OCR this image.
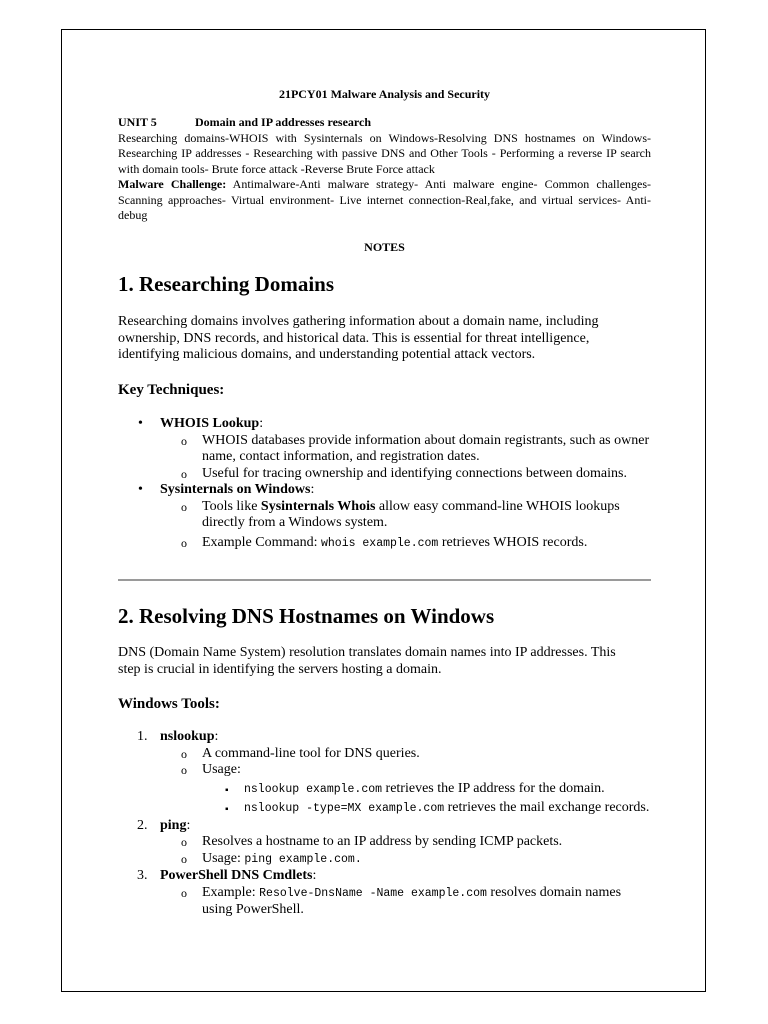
21PCY01 Malware Analysis and Security
UNIT 5	Domain and IP addresses research
Researching domains-WHOIS with Sysinternals on Windows-Resolving DNS hostnames on Windows-Researching IP addresses - Researching with passive DNS and Other Tools - Performing a reverse IP search with domain tools- Brute force attack -Reverse Brute Force attack
Malware Challenge: Antimalware-Anti malware strategy- Anti malware engine- Common challenges- Scanning approaches- Virtual environment- Live internet connection-Real,fake, and virtual services- Anti-debug
NOTES
1. Researching Domains

Researching domains involves gathering information about a domain name, including ownership, DNS records, and historical data. This is essential for threat intelligence, identifying malicious domains, and understanding potential attack vectors.

Key Techniques:
• WHOIS Lookup:
o WHOIS databases provide information about domain registrants, such as owner name, contact information, and registration dates.
o Useful for tracing ownership and identifying connections between domains.
• Sysinternals on Windows:
o Tools like Sysinternals Whois allow easy command-line WHOIS lookups directly from a Windows system.
o Example Command: whois example.com retrieves WHOIS records.
2. Resolving DNS Hostnames on Windows

DNS (Domain Name System) resolution translates domain names into IP addresses. This step is crucial in identifying the servers hosting a domain.

Windows Tools:
1. nslookup:
o A command-line tool for DNS queries.
o Usage:
▪ nslookup example.com retrieves the IP address for the domain.
▪ nslookup -type=MX example.com retrieves the mail exchange records.
2. ping:
o Resolves a hostname to an IP address by sending ICMP packets.
o Usage: ping example.com.
3. PowerShell DNS Cmdlets:
o Example: Resolve-DnsName -Name example.com resolves domain names using PowerShell.
